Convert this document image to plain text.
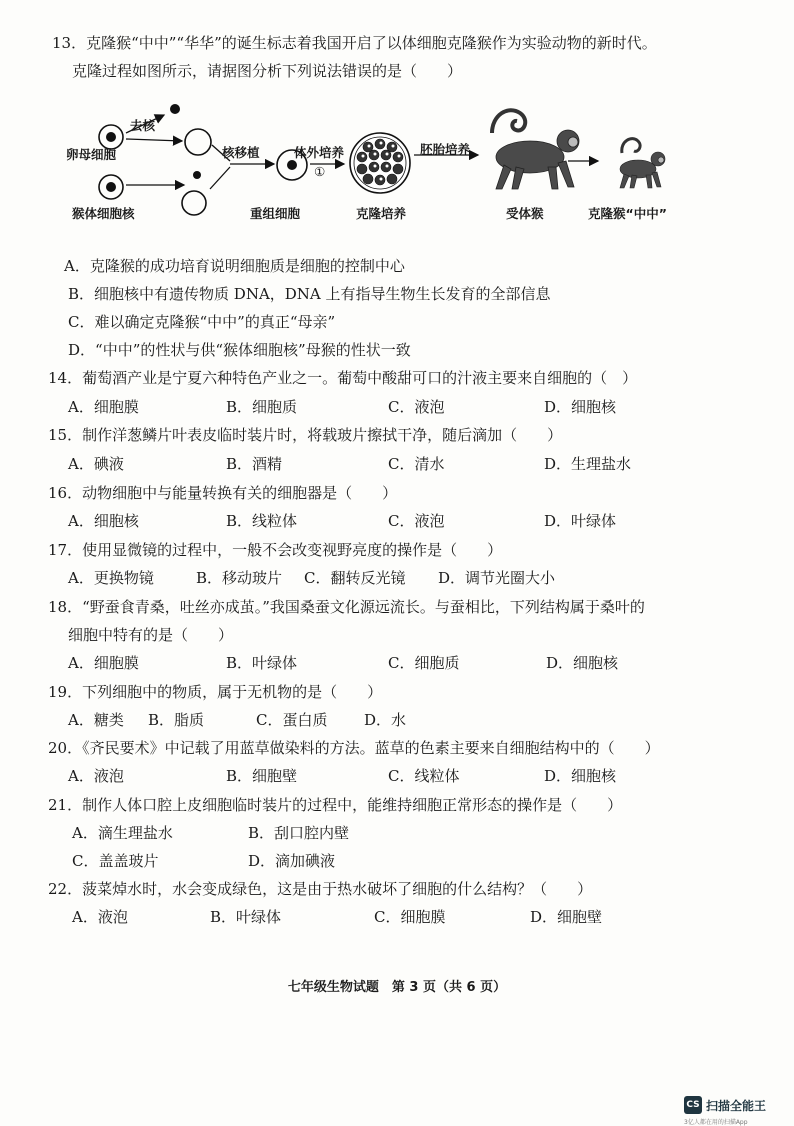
13．克隆猴“中中”“华华”的诞生标志着我国开启了以体细胞克隆猴作为实验动物的新时代。
克隆过程如图所示，请据图分析下列说法错误的是（　　）
去核
卵母细胞
猴体细胞核
核移植
重组细胞
体外培养
①
克隆培养
胚胎培养
受体猴	克隆猴“中中”
A．克隆猴的成功培育说明细胞质是细胞的控制中心
B．细胞核中有遗传物质 DNA，DNA 上有指导生物生长发育的全部信息
C．难以确定克隆猴“中中”的真正“母亲”
D．“中中”的性状与供“猴体细胞核”母猴的性状一致
14．葡萄酒产业是宁夏六种特色产业之一。葡萄中酸甜可口的汁液主要来自细胞的（　）
A．细胞膜	B．细胞质	C．液泡	D．细胞核
15．制作洋葱鳞片叶表皮临时装片时，将载玻片擦拭干净，随后滴加（　　）
A．碘液	B．酒精	C．清水	D．生理盐水
16．动物细胞中与能量转换有关的细胞器是（　　）
A．细胞核	B．线粒体	C．液泡	D．叶绿体
17．使用显微镜的过程中，一般不会改变视野亮度的操作是（　　）
A．更换物镜	B．移动玻片 C．翻转反光镜 D．调节光圈大小
18．“野蚕食青桑，吐丝亦成茧。”我国桑蚕文化源远流长。与蚕相比，下列结构属于桑叶的
细胞中特有的是（　　）
A．细胞膜	B．叶绿体	C．细胞质	D．细胞核
19．下列细胞中的物质，属于无机物的是（　　）
A．糖类 B．脂质	C．蛋白质 D．水
20．《齐民要术》中记载了用蓝草做染料的方法。蓝草的色素主要来自细胞结构中的（　　）
A．液泡	B．细胞壁	C．线粒体	D．细胞核
21．制作人体口腔上皮细胞临时装片的过程中，能维持细胞正常形态的操作是（　　）
A．滴生理盐水	B．刮口腔内壁
C．盖盖玻片	D．滴加碘液
22．菠菜焯水时，水会变成绿色，这是由于热水破坏了细胞的什么结构？（　　）
A．液泡	B．叶绿体	C．细胞膜	D．细胞壁
七年级生物试题　第 3 页（共 6 页）
CS 扫描全能王
3亿人都在用的扫描App
